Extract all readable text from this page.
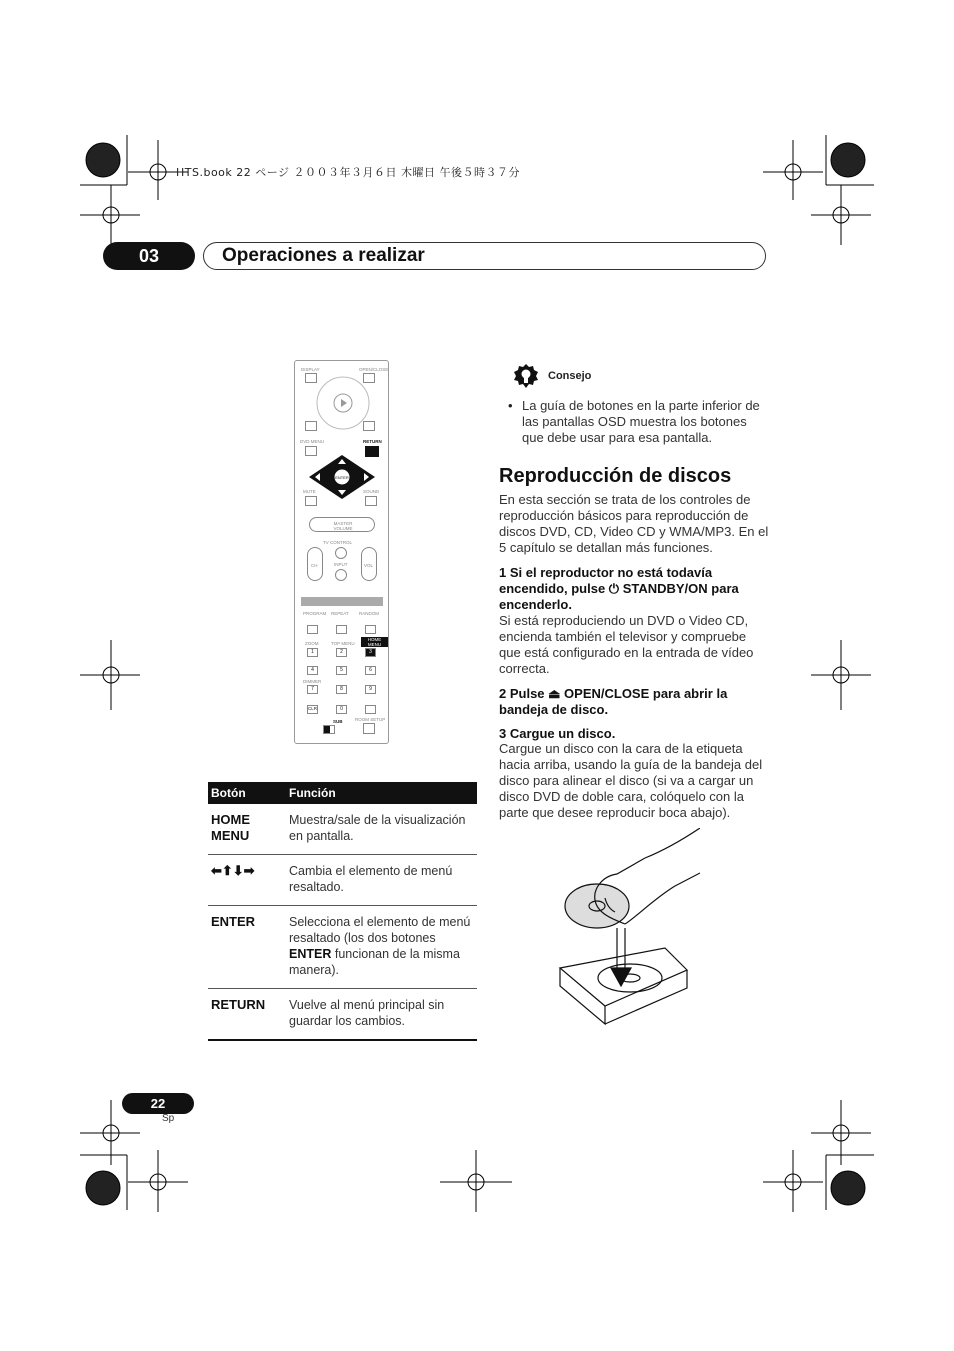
HTS.book 22 ページ ２００３年３月６日 木曜日 午後５時３７分
03	Operaciones a realizar
DISPLAY	OPEN/CLOSE
DVD MENU	RETURN
ENTER
MUTE	SOUND
MASTER VOLUME
TV CONTROL
CH	INPUT	VOL
PROGRAM REPEAT RANDOM
ZOOM	TOP MENU
HOME MENU
1	2	3
4	5	6
DIMMER
7	8	9
CLR	0
SUB	ROOM SETUP
Consejo
• La guía de botones en la parte inferior de las pantallas OSD muestra los botones que debe usar para esa pantalla.
Reproducción de discos

En esta sección se trata de los controles de reproducción básicos para reproducción de discos DVD, CD, Video CD y WMA/MP3. En el 5 capítulo se detallan más funciones.

1 Si el reproductor no está todavía encendido, pulse ⏻ STANDBY/ON para encenderlo.

Si está reproduciendo un DVD o Video CD, encienda también el televisor y compruebe que está configurado en la entrada de vídeo correcta.

2 Pulse ⏏ OPEN/CLOSE para abrir la bandeja de disco.

3 Cargue un disco.

Cargue un disco con la cara de la etiqueta hacia arriba, usando la guía de la bandeja del disco para alinear el disco (si va a cargar un disco DVD de doble cara, colóquelo con la parte que desee reproducir boca abajo).

Botón	Función
HOME MENU	Muestra/sale de la visualización en pantalla.
⬅⬆⬇➡	Cambia el elemento de menú resaltado.
ENTER	Selecciona el elemento de menú resaltado (los dos botones ENTER funcionan de la misma manera).
RETURN	Vuelve al menú principal sin guardar los cambios.
22
Sp
